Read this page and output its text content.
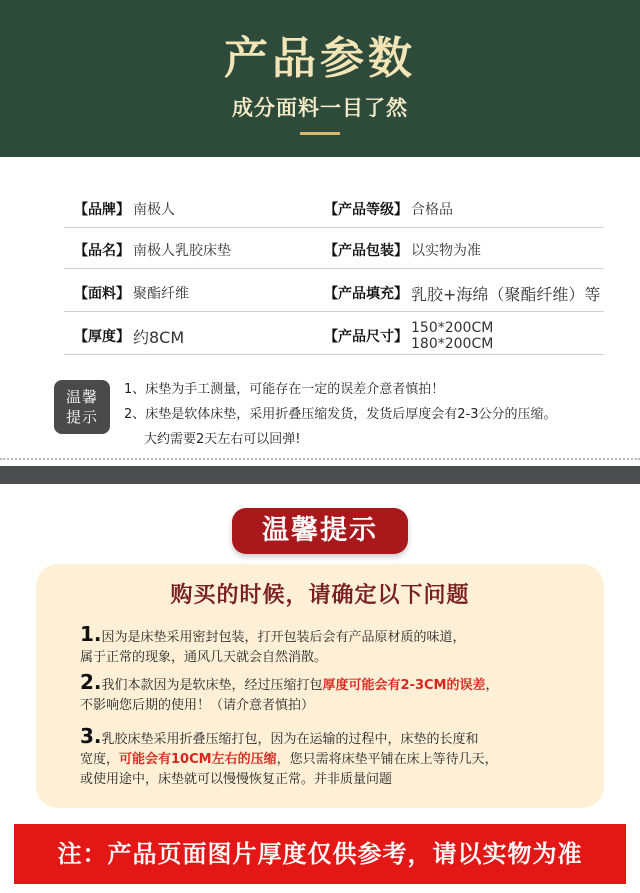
产品参数
成分面料一目了然
【品牌】 南极人	【产品等级】 合格品
【品名】 南极人乳胶床垫	【产品包装】 以实物为准
【面料】 聚酯纤维	【产品填充】 乳胶+海绵（聚酯纤维）等
【厚度】 约8CM	【产品尺寸】
150*200CM
180*200CM
温馨
提示
1、床垫为手工测量，可能存在一定的误差介意者慎拍！
2、床垫是软体床垫，采用折叠压缩发货，发货后厚度会有2-3公分的压缩。
大约需要2天左右可以回弹!
温馨提示
购买的时候，请确定以下问题
1.因为是床垫采用密封包装，打开包装后会有产品原材质的味道，
属于正常的现象，通风几天就会自然消散。
2.我们本款因为是软床垫，经过压缩打包厚度可能会有2-3CM的误差，
不影响您后期的使用！（请介意者慎拍）
3.乳胶床垫采用折叠压缩打包，因为在运输的过程中，床垫的长度和
宽度，可能会有10CM左右的压缩，您只需将床垫平铺在床上等待几天，
或使用途中，床垫就可以慢慢恢复正常。并非质量问题
注：产品页面图片厚度仅供参考，请以实物为准
